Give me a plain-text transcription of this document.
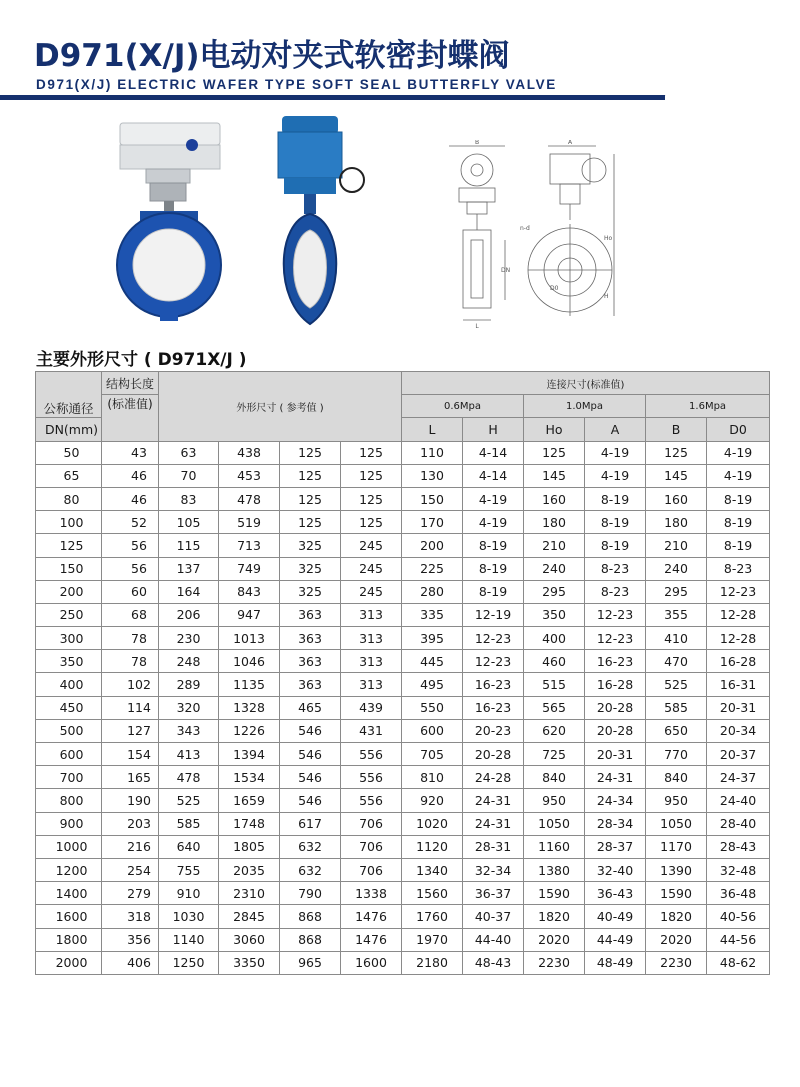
D971(X/J)电动对夹式软密封蝶阀
D971(X/J) ELECTRIC WAFER TYPE SOFT SEAL BUTTERFLY VALVE
B
DN
L
A
n-d
Ho
H
D0
主要外形尺寸 ( D971X/J )
公称通径	结构长度	外形尺寸 ( 参考值 )				连接尺寸(标准值)						
	(标准值)					0.6Mpa		1.0Mpa		1.6Mpa		
DN(mm)						L	H	Ho	A	B	D0					
50	43	63	438	125	125	110	4-14	125	4-19	125	4-19	
65	46	70	453	125	125	130	4-14	145	4-19	145	4-19	
80	46	83	478	125	125	150	4-19	160	8-19	160	8-19	
100	52	105	519	125	125	170	4-19	180	8-19	180	8-19	
125	56	115	713	325	245	200	8-19	210	8-19	210	8-19	
150	56	137	749	325	245	225	8-19	240	8-23	240	8-23	
200	60	164	843	325	245	280	8-19	295	8-23	295	12-23	
250	68	206	947	363	313	335	12-19	350	12-23	355	12-28	
300	78	230	1013	363	313	395	12-23	400	12-23	410	12-28	
350	78	248	1046	363	313	445	12-23	460	16-23	470	16-28	
400	102	289	1135	363	313	495	16-23	515	16-28	525	16-31	
450	114	320	1328	465	439	550	16-23	565	20-28	585	20-31	
500	127	343	1226	546	431	600	20-23	620	20-28	650	20-34	
600	154	413	1394	546	556	705	20-28	725	20-31	770	20-37	
700	165	478	1534	546	556	810	24-28	840	24-31	840	24-37	
800	190	525	1659	546	556	920	24-31	950	24-34	950	24-40	
900	203	585	1748	617	706	1020	24-31	1050	28-34	1050	28-40	
1000	216	640	1805	632	706	1120	28-31	1160	28-37	1170	28-43	
1200	254	755	2035	632	706	1340	32-34	1380	32-40	1390	32-48	
1400	279	910	2310	790	1338	1560	36-37	1590	36-43	1590	36-48	
1600	318	1030	2845	868	1476	1760	40-37	1820	40-49	1820	40-56	
1800	356	1140	3060	868	1476	1970	44-40	2020	44-49	2020	44-56	
2000	406	1250	3350	965	1600	2180	48-43	2230	48-49	2230	48-62	
